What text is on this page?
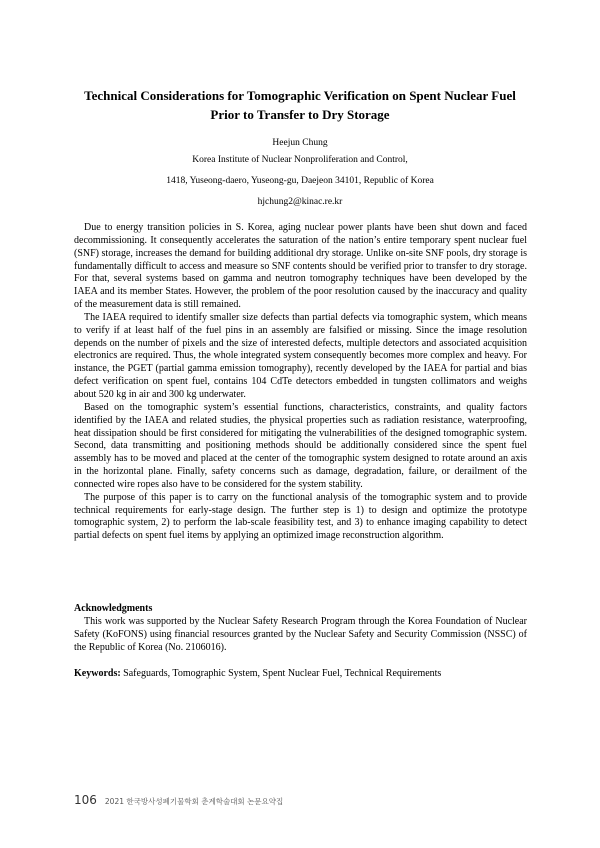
Technical Considerations for Tomographic Verification on Spent Nuclear Fuel
Prior to Transfer to Dry Storage
Heejun Chung
Korea Institute of Nuclear Nonproliferation and Control,
1418, Yuseong-daero, Yuseong-gu, Daejeon 34101, Republic of Korea
hjchung2@kinac.re.kr

Due to energy transition policies in S. Korea, aging nuclear power plants have been shut down and faced decommissioning. It consequently accelerates the saturation of the nation’s entire temporary spent nuclear fuel (SNF) storage, increases the demand for building additional dry storage. Unlike on-site SNF pools, dry storage is fundamentally difficult to access and measure so SNF contents should be verified prior to transfer to dry storage. For that, several systems based on gamma and neutron tomography techniques have been developed by the IAEA and its member States. However, the problem of the poor resolution caused by the inaccuracy and quality of the measurement data is still remained.

The IAEA required to identify smaller size defects than partial defects via tomographic system, which means to verify if at least half of the fuel pins in an assembly are falsified or missing. Since the image resolution depends on the number of pixels and the size of interested defects, multiple detectors and associated acquisition electronics are required. Thus, the whole integrated system consequently becomes more complex and heavy. For instance, the PGET (partial gamma emission tomography), recently developed by the IAEA for partial and bias defect verification on spent fuel, contains 104 CdTe detectors embedded in tungsten collimators and weighs about 520 kg in air and 300 kg underwater.

Based on the tomographic system’s essential functions, characteristics, constraints, and quality factors identified by the IAEA and related studies, the physical properties such as radiation resistance, waterproofing, heat dissipation should be first considered for mitigating the vulnerabilities of the designed tomographic system. Second, data transmitting and positioning methods should be additionally considered since the spent fuel assembly has to be moved and placed at the center of the tomographic system designed to rotate around an axis in the horizontal plane. Finally, safety concerns such as damage, degradation, failure, or derailment of the connected wire ropes also have to be considered for the system stability.

The purpose of this paper is to carry on the functional analysis of the tomographic system and to provide technical requirements for early-stage design. The further step is 1) to design and optimize the prototype tomographic system, 2) to perform the lab-scale feasibility test, and 3) to enhance imaging capability to detect partial defects on spent fuel items by applying an optimized image reconstruction algorithm.

Acknowledgments

This work was supported by the Nuclear Safety Research Program through the Korea Foundation of Nuclear Safety (KoFONS) using financial resources granted by the Nuclear Safety and Security Commission (NSSC) of the Republic of Korea (No. 2106016).

Keywords: Safeguards, Tomographic System, Spent Nuclear Fuel, Technical Requirements
106 2021 한국방사성폐기물학회 춘계학술대회 논문요약집
